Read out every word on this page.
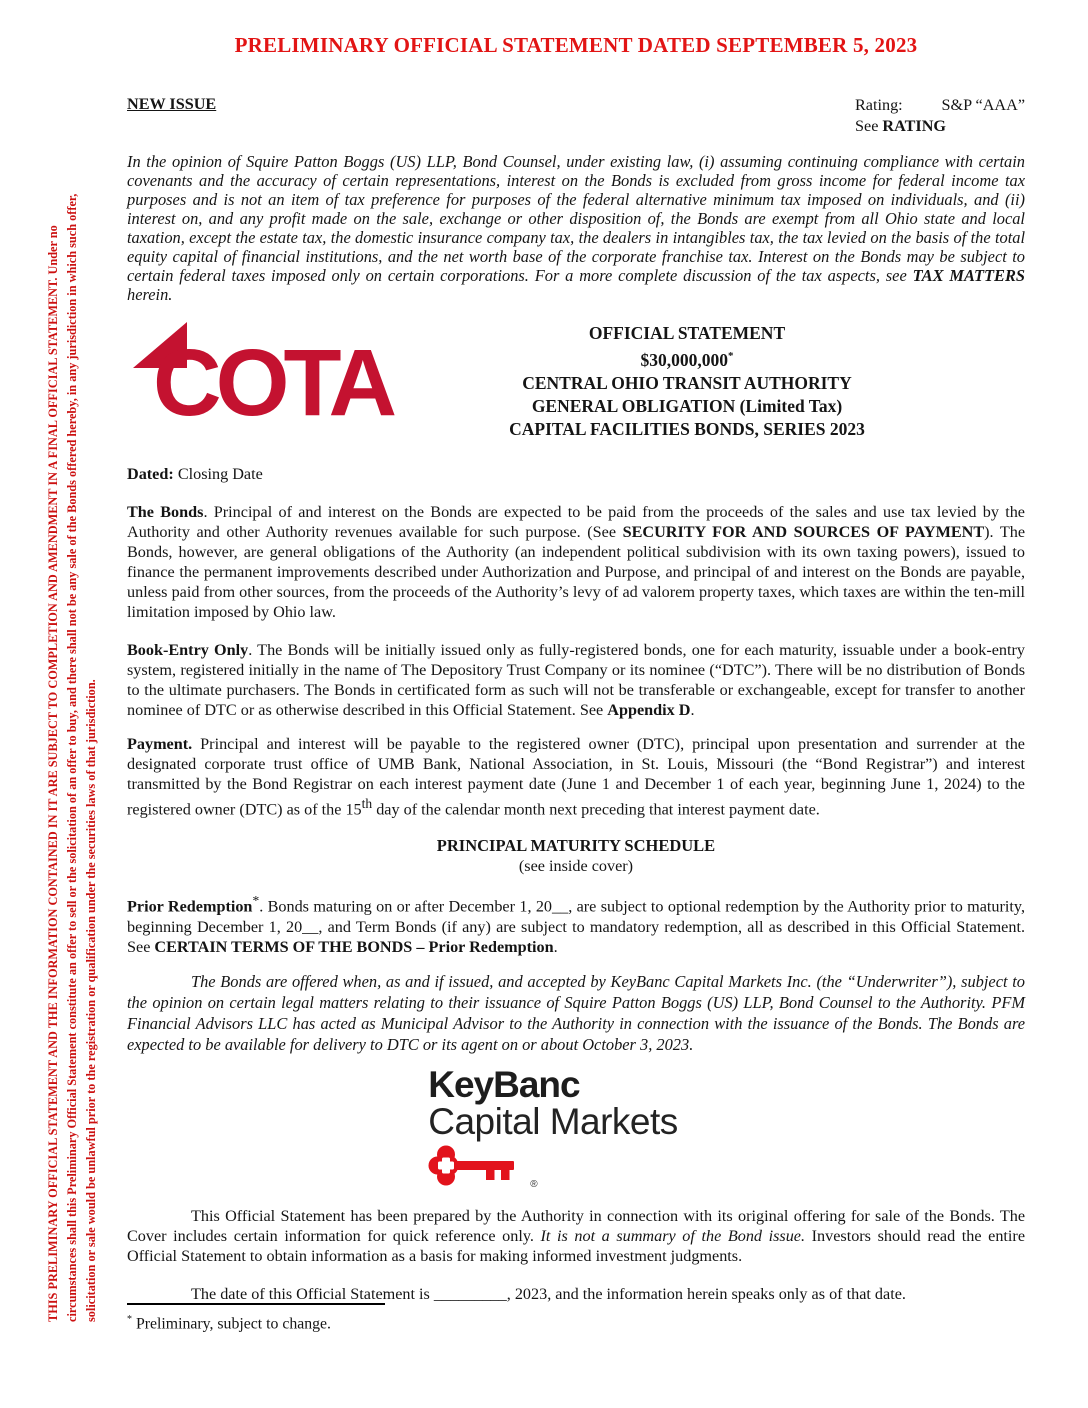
THIS PRELIMINARY OFFICIAL STATEMENT AND THE INFORMATION CONTAINED IN IT ARE SUBJECT TO COMPLETION AND AMENDMENT IN A FINAL OFFICIAL STATEMENT. Under no circumstances shall this Preliminary Official Statement constitute an offer to sell or the solicitation of an offer to buy, and there shall not be any sale of the Bonds offered hereby, in any jurisdiction in which such offer, solicitation or sale would be unlawful prior to the registration or qualification under the securities laws of that jurisdiction.
PRELIMINARY OFFICIAL STATEMENT DATED SEPTEMBER 5, 2023
NEW ISSUE	Rating: S&P “AAA”
See RATING

In the opinion of Squire Patton Boggs (US) LLP, Bond Counsel, under existing law, (i) assuming continuing compliance with certain covenants and the accuracy of certain representations, interest on the Bonds is excluded from gross income for federal income tax purposes and is not an item of tax preference for purposes of the federal alternative minimum tax imposed on individuals, and (ii) interest on, and any profit made on the sale, exchange or other disposition of, the Bonds are exempt from all Ohio state and local taxation, except the estate tax, the domestic insurance company tax, the dealers in intangibles tax, the tax levied on the basis of the total equity capital of financial institutions, and the net worth base of the corporate franchise tax. Interest on the Bonds may be subject to certain federal taxes imposed only on certain corporations. For a more complete discussion of the tax aspects, see TAX MATTERS herein.

COTA	OFFICIAL STATEMENT
$30,000,000*
CENTRAL OHIO TRANSIT AUTHORITY
GENERAL OBLIGATION (Limited Tax)
CAPITAL FACILITIES BONDS, SERIES 2023
Dated: Closing Date

The Bonds. Principal of and interest on the Bonds are expected to be paid from the proceeds of the sales and use tax levied by the Authority and other Authority revenues available for such purpose. (See SECURITY FOR AND SOURCES OF PAYMENT). The Bonds, however, are general obligations of the Authority (an independent political subdivision with its own taxing powers), issued to finance the permanent improvements described under Authorization and Purpose, and principal of and interest on the Bonds are payable, unless paid from other sources, from the proceeds of the Authority’s levy of ad valorem property taxes, which taxes are within the ten-mill limitation imposed by Ohio law.

Book-Entry Only. The Bonds will be initially issued only as fully-registered bonds, one for each maturity, issuable under a book-entry system, registered initially in the name of The Depository Trust Company or its nominee (“DTC”). There will be no distribution of Bonds to the ultimate purchasers. The Bonds in certificated form as such will not be transferable or exchangeable, except for transfer to another nominee of DTC or as otherwise described in this Official Statement. See Appendix D.

Payment. Principal and interest will be payable to the registered owner (DTC), principal upon presentation and surrender at the designated corporate trust office of UMB Bank, National Association, in St. Louis, Missouri (the “Bond Registrar”) and interest transmitted by the Bond Registrar on each interest payment date (June 1 and December 1 of each year, beginning June 1, 2024) to the registered owner (DTC) as of the 15th day of the calendar month next preceding that interest payment date.

PRINCIPAL MATURITY SCHEDULE
(see inside cover)

Prior Redemption*. Bonds maturing on or after December 1, 20__, are subject to optional redemption by the Authority prior to maturity, beginning December 1, 20__, and Term Bonds (if any) are subject to mandatory redemption, all as described in this Official Statement. See CERTAIN TERMS OF THE BONDS – Prior Redemption.

The Bonds are offered when, as and if issued, and accepted by KeyBanc Capital Markets Inc. (the “Underwriter”), subject to the opinion on certain legal matters relating to their issuance of Squire Patton Boggs (US) LLP, Bond Counsel to the Authority. PFM Financial Advisors LLC has acted as Municipal Advisor to the Authority in connection with the issuance of the Bonds. The Bonds are expected to be available for delivery to DTC or its agent on or about October 3, 2023.

KeyBanc
Capital Markets
®

This Official Statement has been prepared by the Authority in connection with its original offering for sale of the Bonds. The Cover includes certain information for quick reference only. It is not a summary of the Bond issue. Investors should read the entire Official Statement to obtain information as a basis for making informed investment judgments.

The date of this Official Statement is _________, 2023, and the information herein speaks only as of that date.

* Preliminary, subject to change.
